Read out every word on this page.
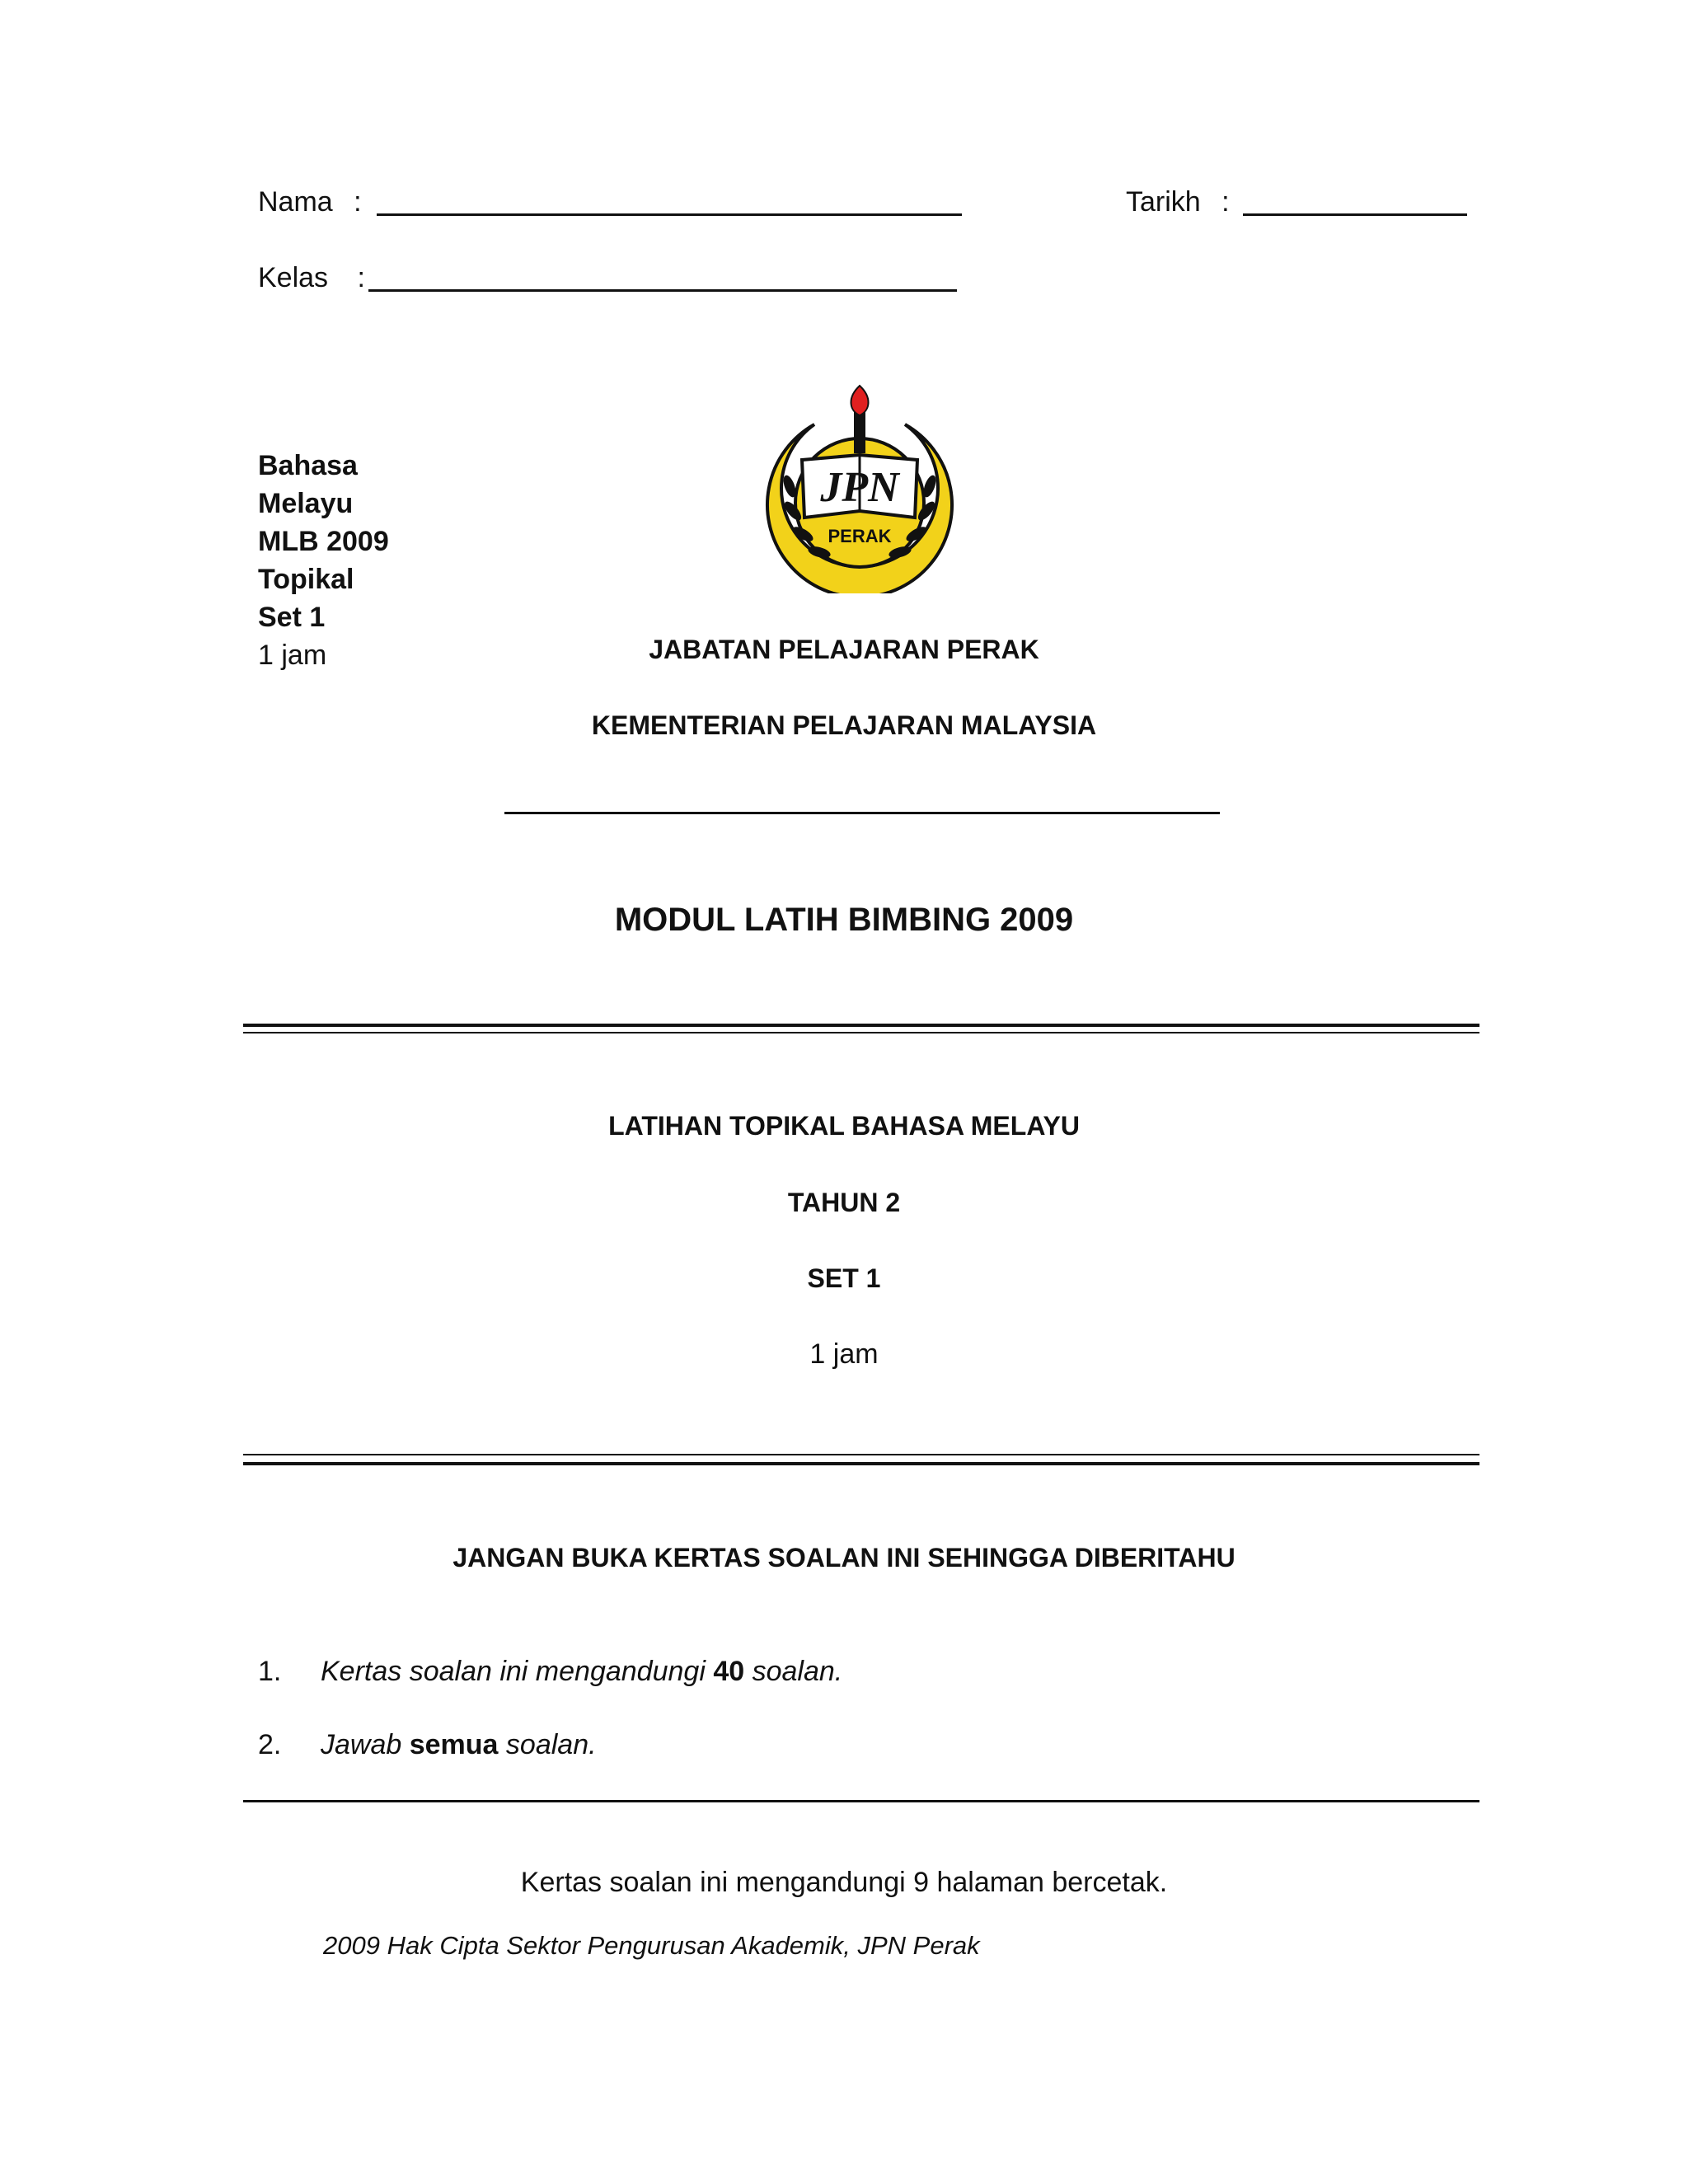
Nama :	Tarikh :
Kelas :
Bahasa
Melayu
MLB 2009
Topikal
Set 1
1 jam
JPN
PERAK
JABATAN PELAJARAN PERAK
KEMENTERIAN PELAJARAN MALAYSIA
MODUL LATIH BIMBING 2009
LATIHAN TOPIKAL BAHASA MELAYU
TAHUN 2
SET 1
1 jam
JANGAN BUKA KERTAS SOALAN INI SEHINGGA DIBERITAHU
1. Kertas soalan ini mengandungi 40 soalan.
2. Jawab semua soalan.
Kertas soalan ini mengandungi 9 halaman bercetak.
2009 Hak Cipta Sektor Pengurusan Akademik, JPN Perak
